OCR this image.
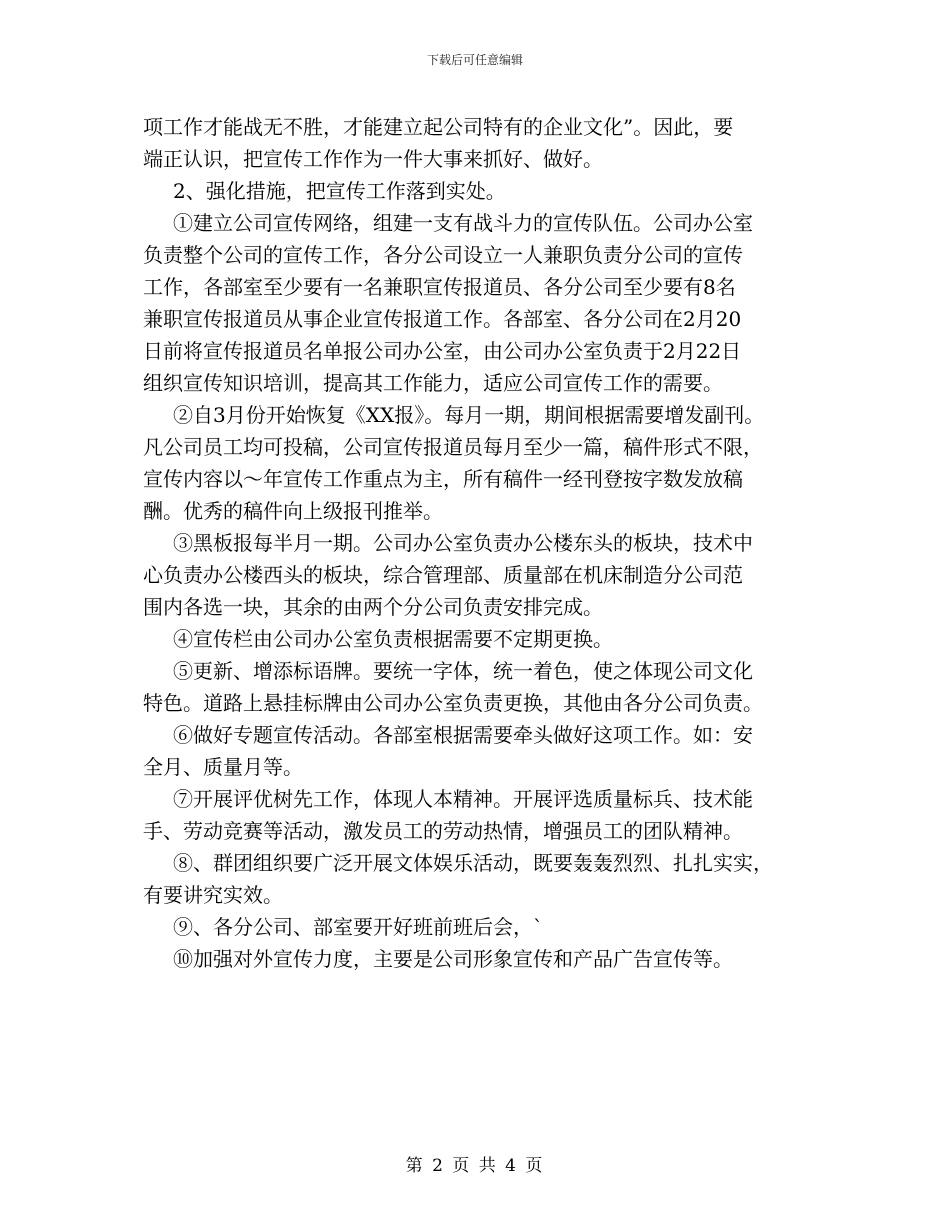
下载后可任意编辑

项工作才能战无不胜，才能建立起公司特有的企业文化”。因此，要
端正认识，把宣传工作作为一件大事来抓好、做好。

2、强化措施，把宣传工作落到实处。

①建立公司宣传网络，组建一支有战斗力的宣传队伍。公司办公室
负责整个公司的宣传工作，各分公司设立一人兼职负责分公司的宣传
工作，各部室至少要有一名兼职宣传报道员、各分公司至少要有8名
兼职宣传报道员从事企业宣传报道工作。各部室、各分公司在2月20
日前将宣传报道员名单报公司办公室，由公司办公室负责于2月22日
组织宣传知识培训，提高其工作能力，适应公司宣传工作的需要。

②自3月份开始恢复《XX报》。每月一期，期间根据需要增发副刊。
凡公司员工均可投稿，公司宣传报道员每月至少一篇，稿件形式不限，
宣传内容以～年宣传工作重点为主，所有稿件一经刊登按字数发放稿
酬。优秀的稿件向上级报刊推举。

③黑板报每半月一期。公司办公室负责办公楼东头的板块，技术中
心负责办公楼西头的板块，综合管理部、质量部在机床制造分公司范
围内各选一块，其余的由两个分公司负责安排完成。

④宣传栏由公司办公室负责根据需要不定期更换。

⑤更新、增添标语牌。要统一字体，统一着色，使之体现公司文化
特色。道路上悬挂标牌由公司办公室负责更换，其他由各分公司负责。

⑥做好专题宣传活动。各部室根据需要牵头做好这项工作。如：安
全月、质量月等。

⑦开展评优树先工作，体现人本精神。开展评选质量标兵、技术能
手、劳动竞赛等活动，激发员工的劳动热情，增强员工的团队精神。

⑧、群团组织要广泛开展文体娱乐活动，既要轰轰烈烈、扎扎实实，
有要讲究实效。

⑨、各分公司、部室要开好班前班后会，`

⑩加强对外宣传力度，主要是公司形象宣传和产品广告宣传等。

第 2 页 共 4 页
